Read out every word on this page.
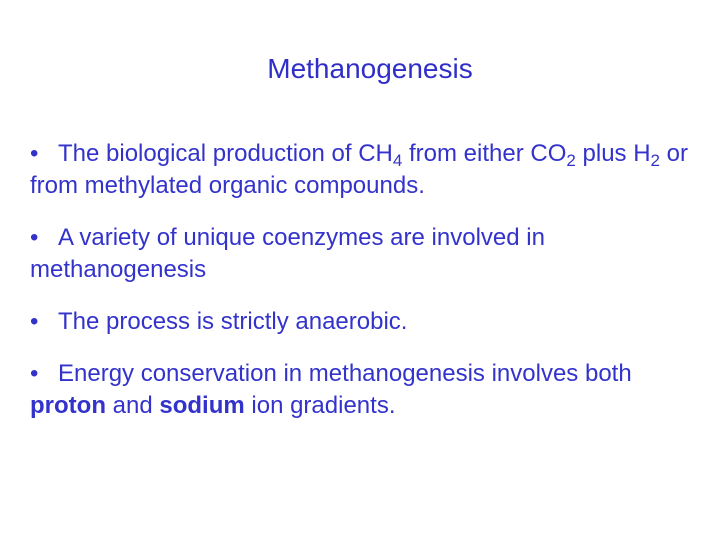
Methanogenesis
• The biological production of $CH_4$ from either $CO_2$ plus $H_2$ or from methylated organic compounds.
• A variety of unique coenzymes are involved in methanogenesis
• The process is strictly anaerobic.
• Energy conservation in methanogenesis involves both proton and sodium ion gradients.
